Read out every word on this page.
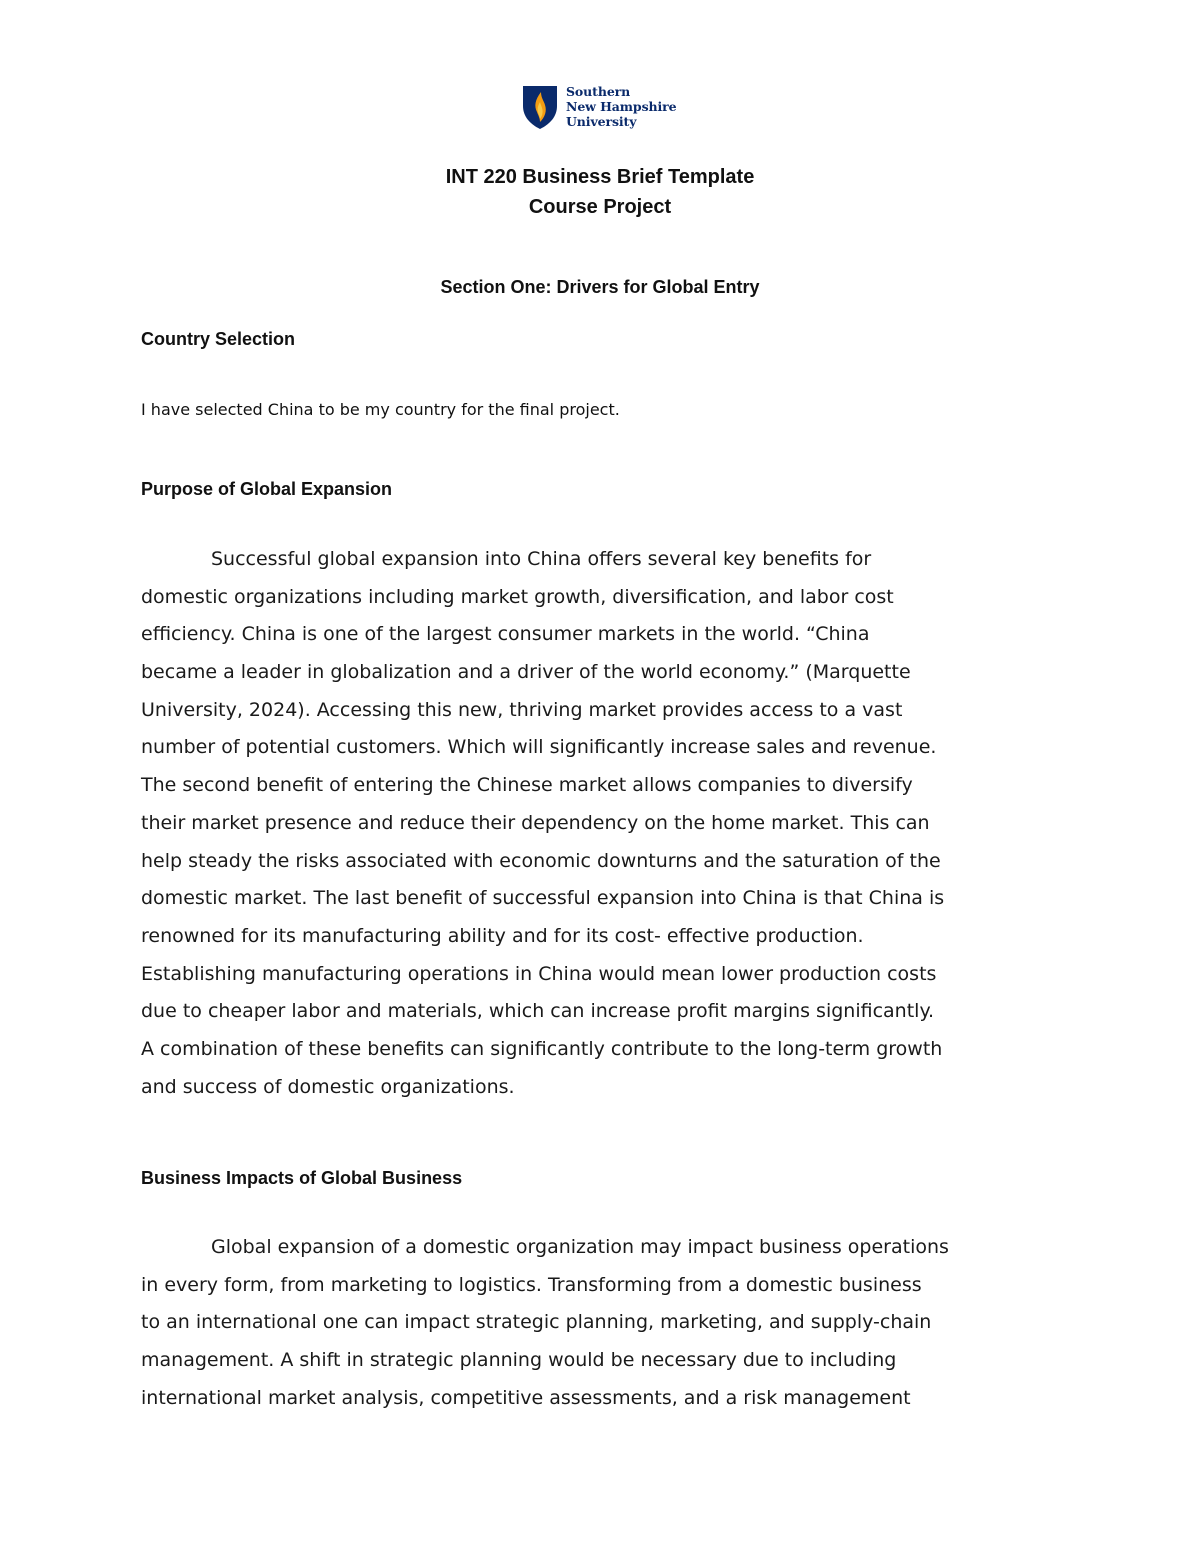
Southern
New Hampshire
University
INT 220 Business Brief Template
Course Project
Section One: Drivers for Global Entry
Country Selection
I have selected China to be my country for the final project.
Purpose of Global Expansion
Successful global expansion into China offers several key benefits for
domestic organizations including market growth, diversification, and labor cost
efficiency. China is one of the largest consumer markets in the world. “China
became a leader in globalization and a driver of the world economy.” (Marquette
University, 2024). Accessing this new, thriving market provides access to a vast
number of potential customers. Which will significantly increase sales and revenue.
The second benefit of entering the Chinese market allows companies to diversify
their market presence and reduce their dependency on the home market. This can
help steady the risks associated with economic downturns and the saturation of the
domestic market. The last benefit of successful expansion into China is that China is
renowned for its manufacturing ability and for its cost- effective production.
Establishing manufacturing operations in China would mean lower production costs
due to cheaper labor and materials, which can increase profit margins significantly.
A combination of these benefits can significantly contribute to the long-term growth
and success of domestic organizations.
Business Impacts of Global Business
Global expansion of a domestic organization may impact business operations
in every form, from marketing to logistics. Transforming from a domestic business
to an international one can impact strategic planning, marketing, and supply-chain
management. A shift in strategic planning would be necessary due to including
international market analysis, competitive assessments, and a risk management
